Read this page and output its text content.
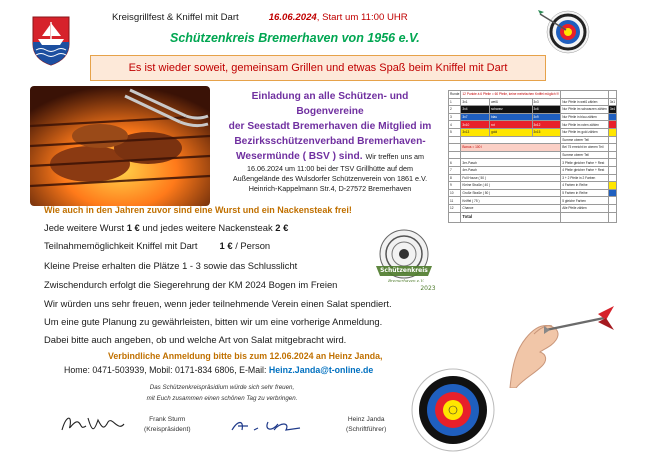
Kreisgrillfest & Kniffel mit Dart	16.06.2024, Start um 11:00 UHR
Schützenkreis Bremerhaven von 1956 e.V.
Es ist wieder soweit, gemeinsam Grillen und etwas Spaß beim Kniffel mit Dart
Einladung an alle Schützen- und Bogenvereine
der Seestadt Bremerhaven die Mitglied im
Bezirksschützenverband Bremerhaven-
Wesermünde ( BSV ) sind. Wir treffen uns am
16.06.2024 um 11:00 bei der TSV Grillhütte auf dem
Außengelände des Wulsdorfer Schützenverein von 1861 e.V.
Heinrich-Kappelmann Str.4, D-27572 Bremerhaven
Runde	12 Punkte à 6 Pfeile = 60 Pfeile, keine mehrfachen Kniffel möglich !!!				
1	3x1	weiß	3x3	Nur Pfeile in weiß zählen	3x1
2	3x4	schwarz	3x6	Nur Pfeile im schwarzen zählen	3x4
3	3x7	blau	3x9	Nur Pfeile in blau zählen	
4	3x10	rot	3x12	Nur Pfeile im roten zählen	
5	3x13	gold	3x15	Nur Pfeile im gold zählen	
				Summe oberer Teil	
	Bonus = 100 l			Bei 75 erreicht im oberen Teil	
				Summe oberer Teil	
6	3er-Pasch			3 Pfeile gleicher Farbe + Rest	
7	4er-Pasch			4 Pfeile gleicher Farbe + Rest	
8	Full House ( 50 )			3 + 2 Pfeile in 2 Farben	
9	Kleine Straße ( 40 )			4 Farben in Reihe	
10	Große Straße ( 50 )			5 Farben in Reihe	
11	Kniffel ( 75 )			5 gleiche Farben	
12	Chance			Alle Pfeile zählen	
	Total				
Wie auch in den Jahren zuvor sind eine Wurst und ein Nackensteak frei!
Jede weitere Wurst 1 € und jedes weitere Nackensteak 2 €
Teilnahmemöglichkeit Kniffel mit Dart 1 € / Person
Kleine Preise erhalten die Plätze 1 - 3 sowie das Schlusslicht
Zwischendurch erfolgt die Siegerehrung der KM 2024 Bogen im Freien
Wir würden uns sehr freuen, wenn jeder teilnehmende Verein einen Salat spendiert.
Um eine gute Planung zu gewährleisten, bitten wir um eine vorherige Anmeldung.
Dabei bitte auch angeben, ob und welche Art von Salat mitgebracht wird.
Schützenkreis
Bremerhaven e.V.
2023
Verbindliche Anmeldung bitte bis zum 12.06.2024 an Heinz Janda,
Home: 0471-503939, Mobil: 0171-834 6806, E-Mail: Heinz.Janda@t-online.de
Das Schützenkreispräsidium würde sich sehr freuen,
mit Euch zusammen einen schönen Tag zu verbringen.
Frank Sturm
(Kreispräsident)
Heinz Janda
(Schriftführer)
